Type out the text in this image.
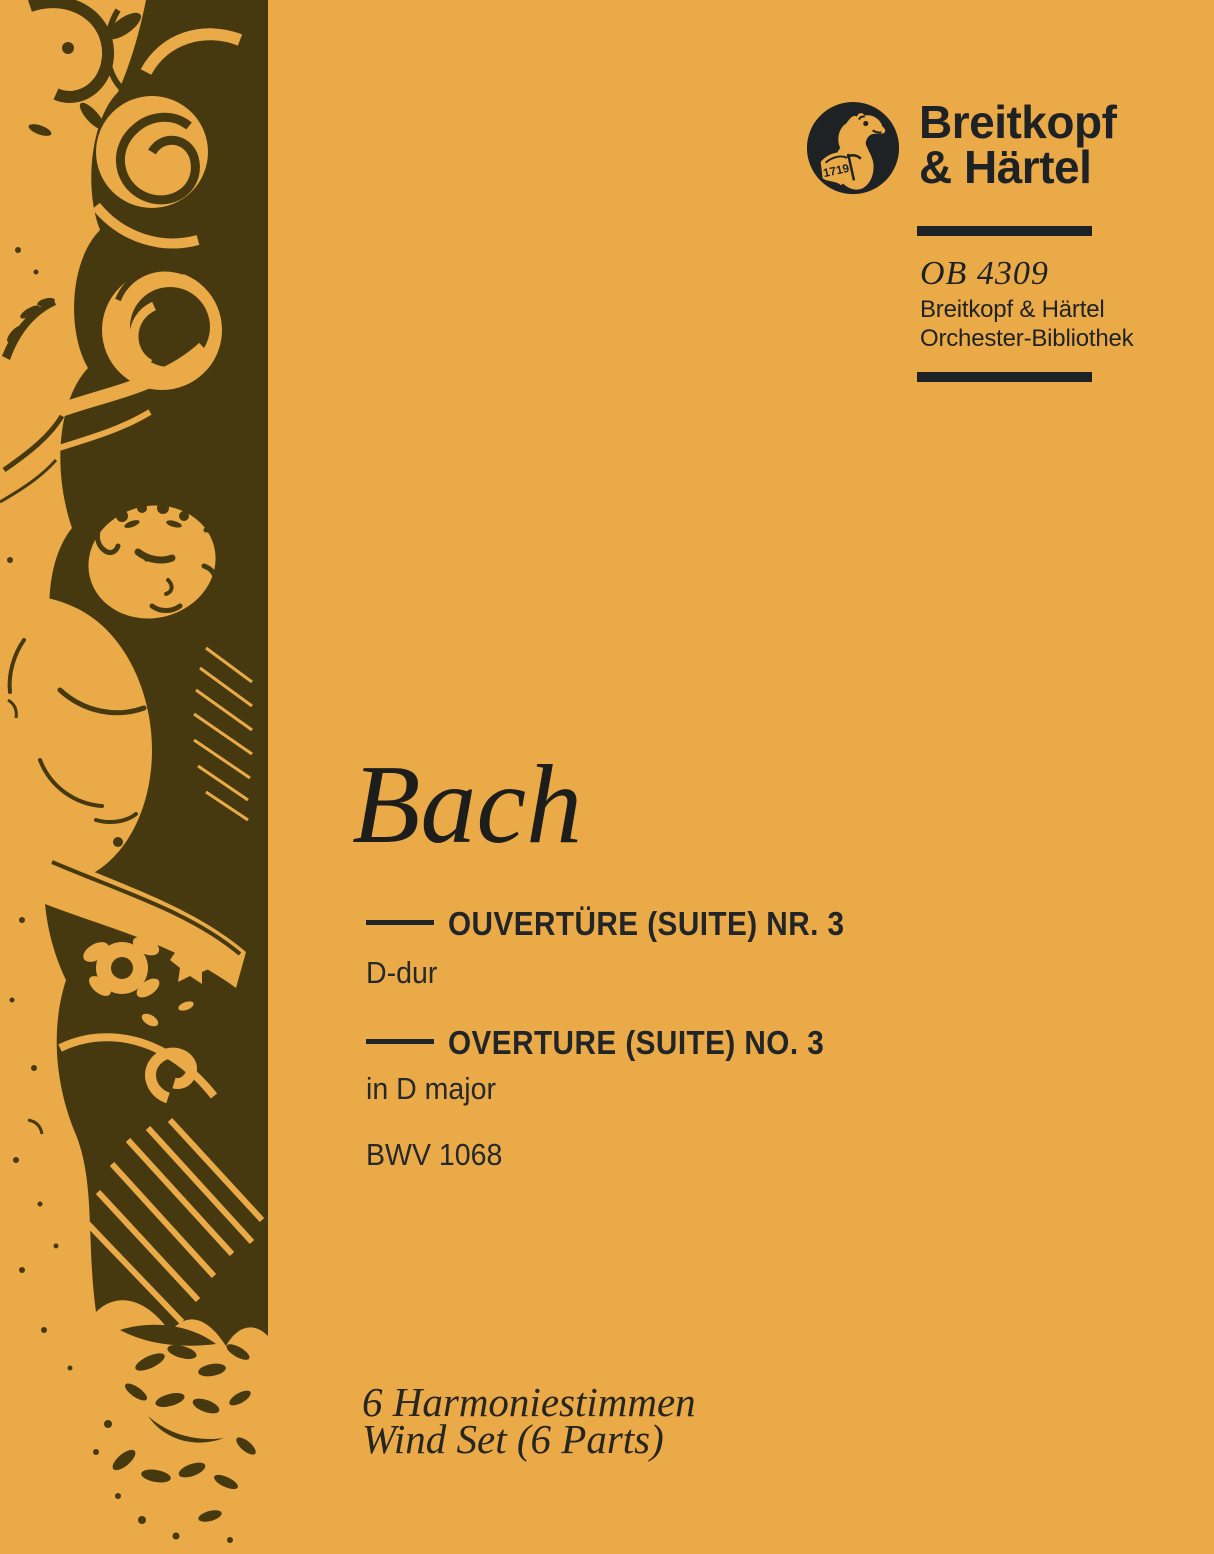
1719
Breitkopf
& Härtel
OB 4309
Breitkopf & Härtel
Orchester-Bibliothek
Bach
OUVERTÜRE (SUITE) NR. 3
D-dur
OVERTURE (SUITE) NO. 3
in D major
BWV 1068
6 Harmoniestimmen
Wind Set (6 Parts)
